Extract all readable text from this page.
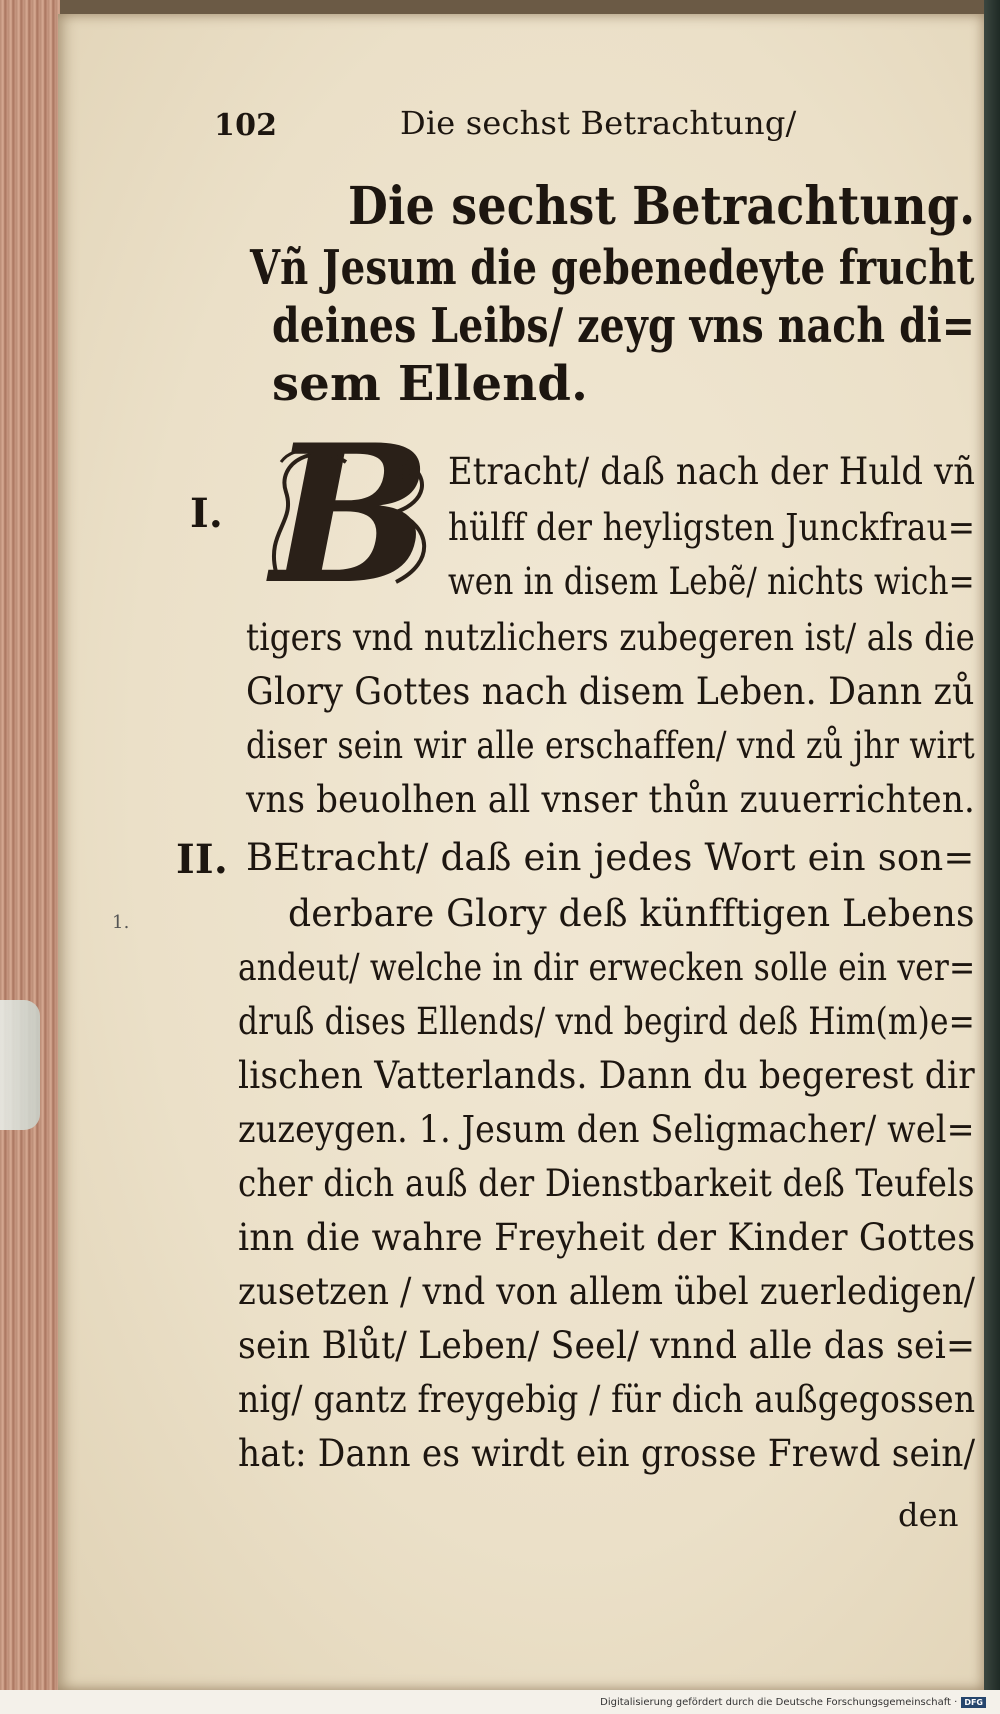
102	Die sechst Betrachtung/
Die sechst Betrachtung.
Vñ Jesum die gebenedeyte frucht
deines Leibs/ zeyg vns nach di=
sem Ellend.
I. B Etracht/ daß nach der Huld vñ
hülff der heyligsten Junckfrau=
wen in disem Lebẽ/ nichts wich=
tigers vnd nutzlichers zubegeren ist/ als die
Glory Gottes nach disem Leben. Dann zů
diser sein wir alle erschaffen/ vnd zů jhr wirt
vns beuolhen all vnser thůn zuuerrichten.
II. BEtracht/ daß ein jedes Wort ein son=
derbare Glory deß künfftigen Lebens
1.
andeut/ welche in dir erwecken solle ein ver=
druß dises Ellends/ vnd begird deß Him(m)e=
lischen Vatterlands. Dann du begerest dir
zuzeygen. 1. Jesum den Seligmacher/ wel=
cher dich auß der Dienstbarkeit deß Teufels
inn die wahre Freyheit der Kinder Gottes
zusetzen / vnd von allem übel zuerledigen/
sein Blůt/ Leben/ Seel/ vnnd alle das sei=
nig/ gantz freygebig / für dich außgegossen
hat: Dann es wirdt ein grosse Frewd sein/
den
Digitalisierung gefördert durch die Deutsche Forschungsgemeinschaft · DFG
